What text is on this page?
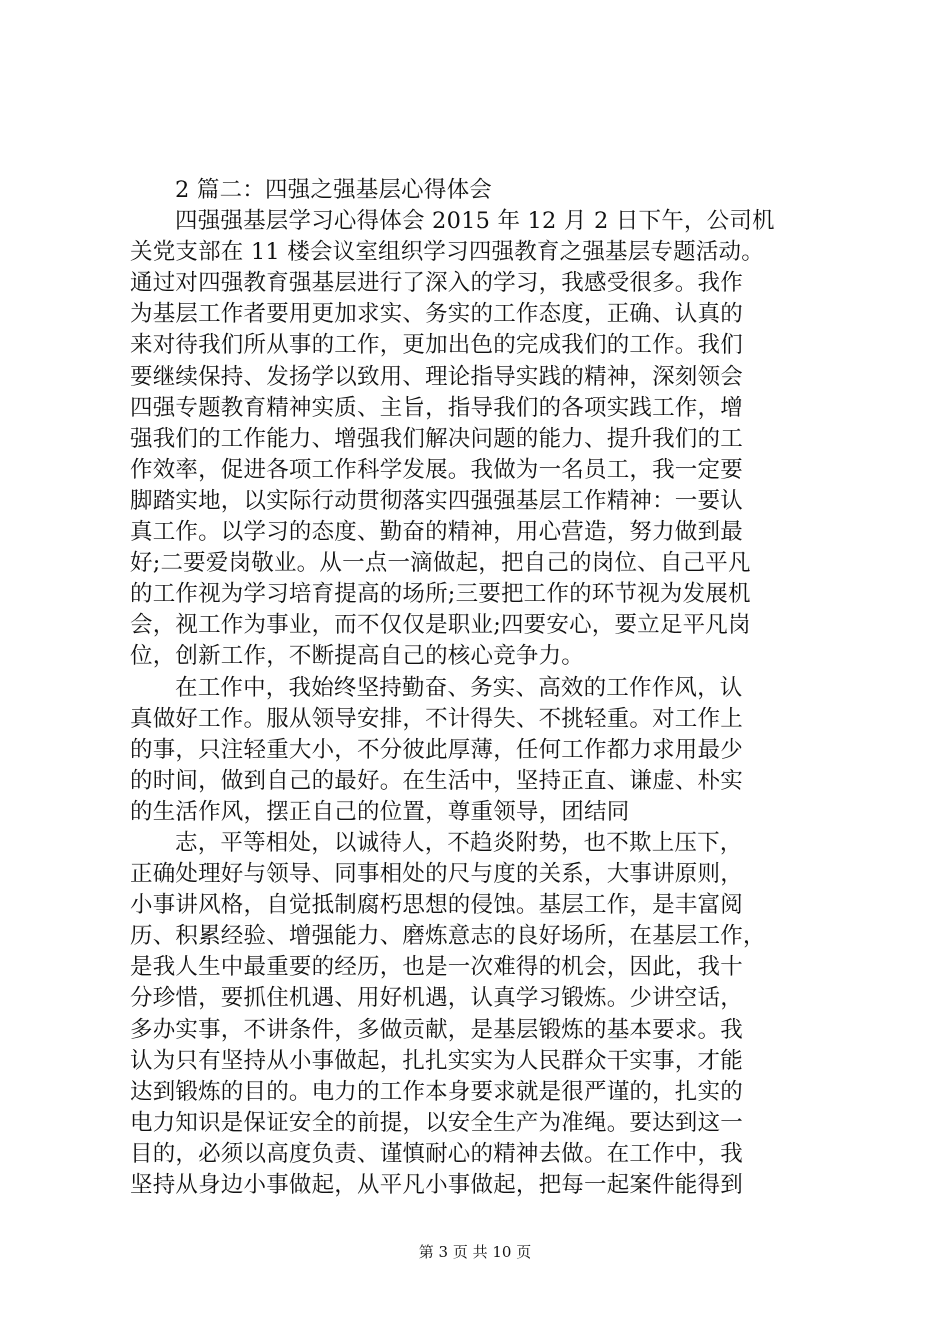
2 篇二：四强之强基层心得体会
四强强基层学习心得体会 2015 年 12 月 2 日下午，公司机
关党支部在 11 楼会议室组织学习四强教育之强基层专题活动。
通过对四强教育强基层进行了深入的学习，我感受很多。我作
为基层工作者要用更加求实、务实的工作态度，正确、认真的
来对待我们所从事的工作，更加出色的完成我们的工作。我们
要继续保持、发扬学以致用、理论指导实践的精神，深刻领会
四强专题教育精神实质、主旨，指导我们的各项实践工作，增
强我们的工作能力、增强我们解决问题的能力、提升我们的工
作效率，促进各项工作科学发展。我做为一名员工，我一定要
脚踏实地，以实际行动贯彻落实四强强基层工作精神：一要认
真工作。以学习的态度、勤奋的精神，用心营造，努力做到最
好;二要爱岗敬业。从一点一滴做起，把自己的岗位、自己平凡
的工作视为学习培育提高的场所;三要把工作的环节视为发展机
会，视工作为事业，而不仅仅是职业;四要安心，要立足平凡岗
位，创新工作，不断提高自己的核心竞争力。
在工作中，我始终坚持勤奋、务实、高效的工作作风，认
真做好工作。服从领导安排，不计得失、不挑轻重。对工作上
的事，只注轻重大小，不分彼此厚薄，任何工作都力求用最少
的时间，做到自己的最好。在生活中，坚持正直、谦虚、朴实
的生活作风，摆正自己的位置，尊重领导，团结同
志，平等相处，以诚待人，不趋炎附势，也不欺上压下，
正确处理好与领导、同事相处的尺与度的关系，大事讲原则，
小事讲风格，自觉抵制腐朽思想的侵蚀。基层工作，是丰富阅
历、积累经验、增强能力、磨炼意志的良好场所，在基层工作，
是我人生中最重要的经历，也是一次难得的机会，因此，我十
分珍惜，要抓住机遇、用好机遇，认真学习锻炼。少讲空话，
多办实事，不讲条件，多做贡献，是基层锻炼的基本要求。我
认为只有坚持从小事做起，扎扎实实为人民群众干实事，才能
达到锻炼的目的。电力的工作本身要求就是很严谨的，扎实的
电力知识是保证安全的前提，以安全生产为准绳。要达到这一
目的，必须以高度负责、谨慎耐心的精神去做。在工作中，我
坚持从身边小事做起，从平凡小事做起，把每一起案件能得到
第 3 页 共 10 页
